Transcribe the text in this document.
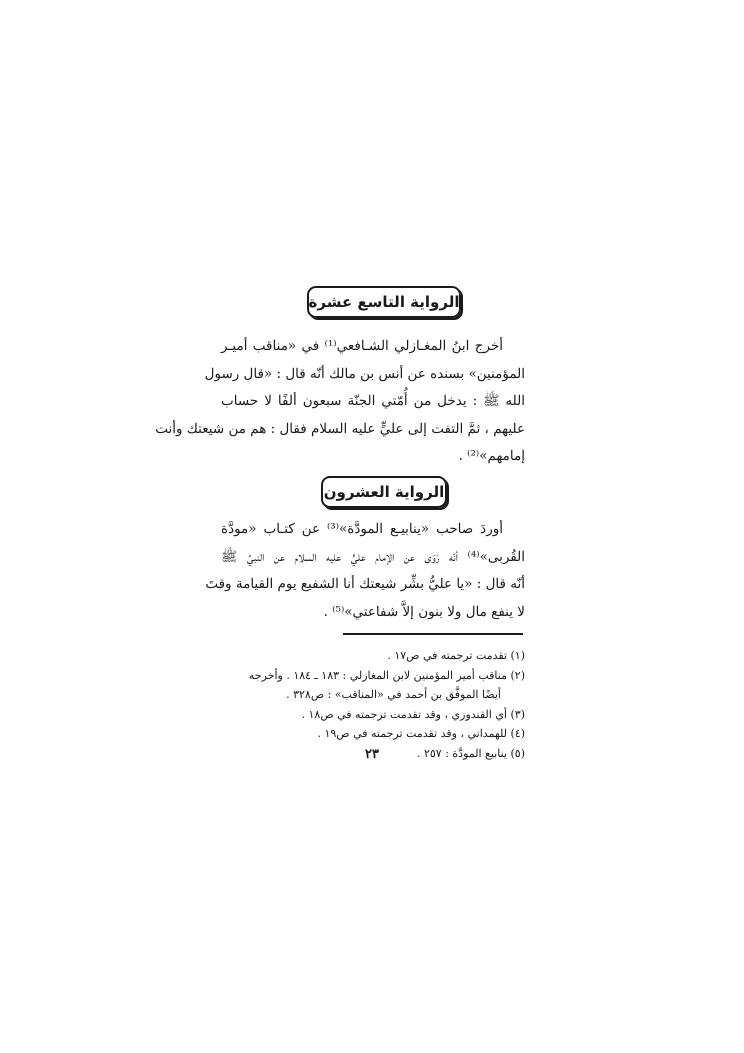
الرواية التاسع عشرة
أخرج ابنُ المغـازلي الشـافعي⁽¹⁾ في «مناقب أميـر
المؤمنين» بسنده عن أنس بن مالك أنّه قال : «قال رسول
الله ﷺ : يدخل من أُمّتي الجنّة سبعون ألفًا لا حساب
عليهم ، ثمَّ التفت إلى عليٍّ عليه السلام فقال : هم من شيعتك وأنت
إمامهم»⁽²⁾ .
الرواية العشرون
أوردَ صاحب «ينابيـع المودَّة»⁽³⁾ عن كتـاب «مودَّة
القُربى»⁽⁴⁾ أنّه رَوَى عن الإمام عليٍّ عليه السلام عن النبيِّ ﷺ
أنّه قال : «يا عليُّ بشِّر شيعتك أنا الشفيع يوم القيامة وقتَ
لا ينفع مال ولا بنون إلاَّ شفاعتي»⁽⁵⁾ .
(١) تقدمت ترجمته في ص١٧ .
(٢) مناقب أمير المؤمنين لابن المغازلي : ١٨٣ ـ ١٨٤ . وأخرجه
أيضًا الموفَّق بن أحمد في «المناقب» : ص٣٢٨ .
(٣) أي القندوزي ، وقد تقدمت ترجمته في ص١٨ .
(٤) للهمداني ، وقد تقدمت ترجمته في ص١٩ .
(٥) ينابيع المودَّة : ٢٥٧ .
٢٣
